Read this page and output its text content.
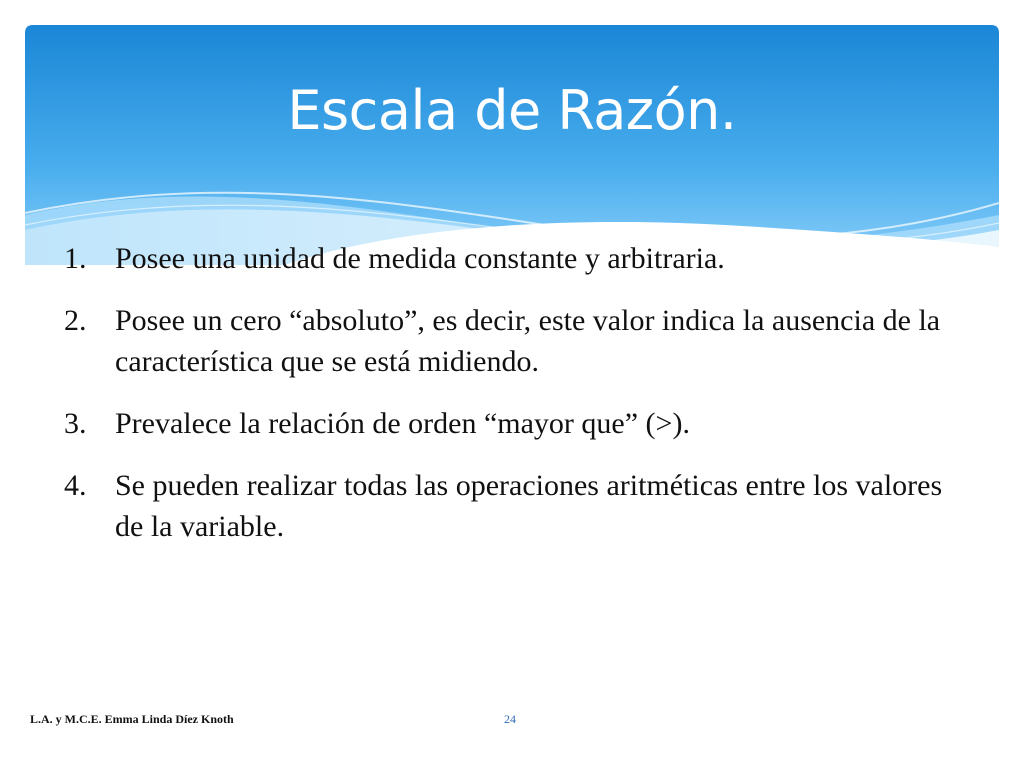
Escala de Razón.
1. Posee una unidad de medida constante y arbitraria.
2. Posee un cero “absoluto”, es decir, este valor indica la ausencia de la característica que se está midiendo.
3. Prevalece la relación de orden “mayor que” (>).
4. Se pueden realizar todas las operaciones aritméticas entre los valores de la variable.
L.A. y M.C.E. Emma Linda Díez Knoth	24
